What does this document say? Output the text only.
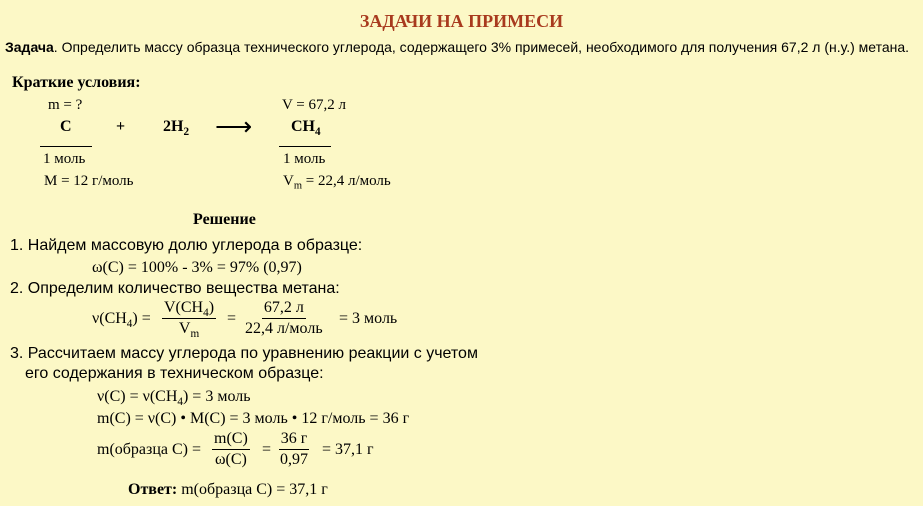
ЗАДАЧИ НА ПРИМЕСИ
Задача. Определить массу образца технического углерода, содержащего 3% примесей, необходимого для получения 67,2 л (н.у.) метана.
Краткие условия:
m = ?	V = 67,2 л
C	+ $2H_2$ ⟶ $CH_4$
1 моль	1 моль
M = 12 г/моль	$V_m = 22,4$ л/моль
Решение
1. Найдем массовую долю углерода в образце:
ω(C) = 100% - 3% = 97% (0,97)
2. Определим количество вещества метана:
$\nu(CH_4) = \frac{V(CH_4)}{V_m}$ =
67,2 л
22,4 л/моль
= 3 моль
3. Рассчитаем массу углерода по уравнению реакции с учетом
его содержания в техническом образце:
$\nu(C) = \nu(CH_4) = 3$ моль
m(C) = ν(C) • M(C) = 3 моль • 12 г/моль = 36 г
m(образца $C) = \frac{m(C)}{\omega(C)}$ =
36 г
0,97
= 37,1 г
Ответ: m(образца C) = 37,1 г
